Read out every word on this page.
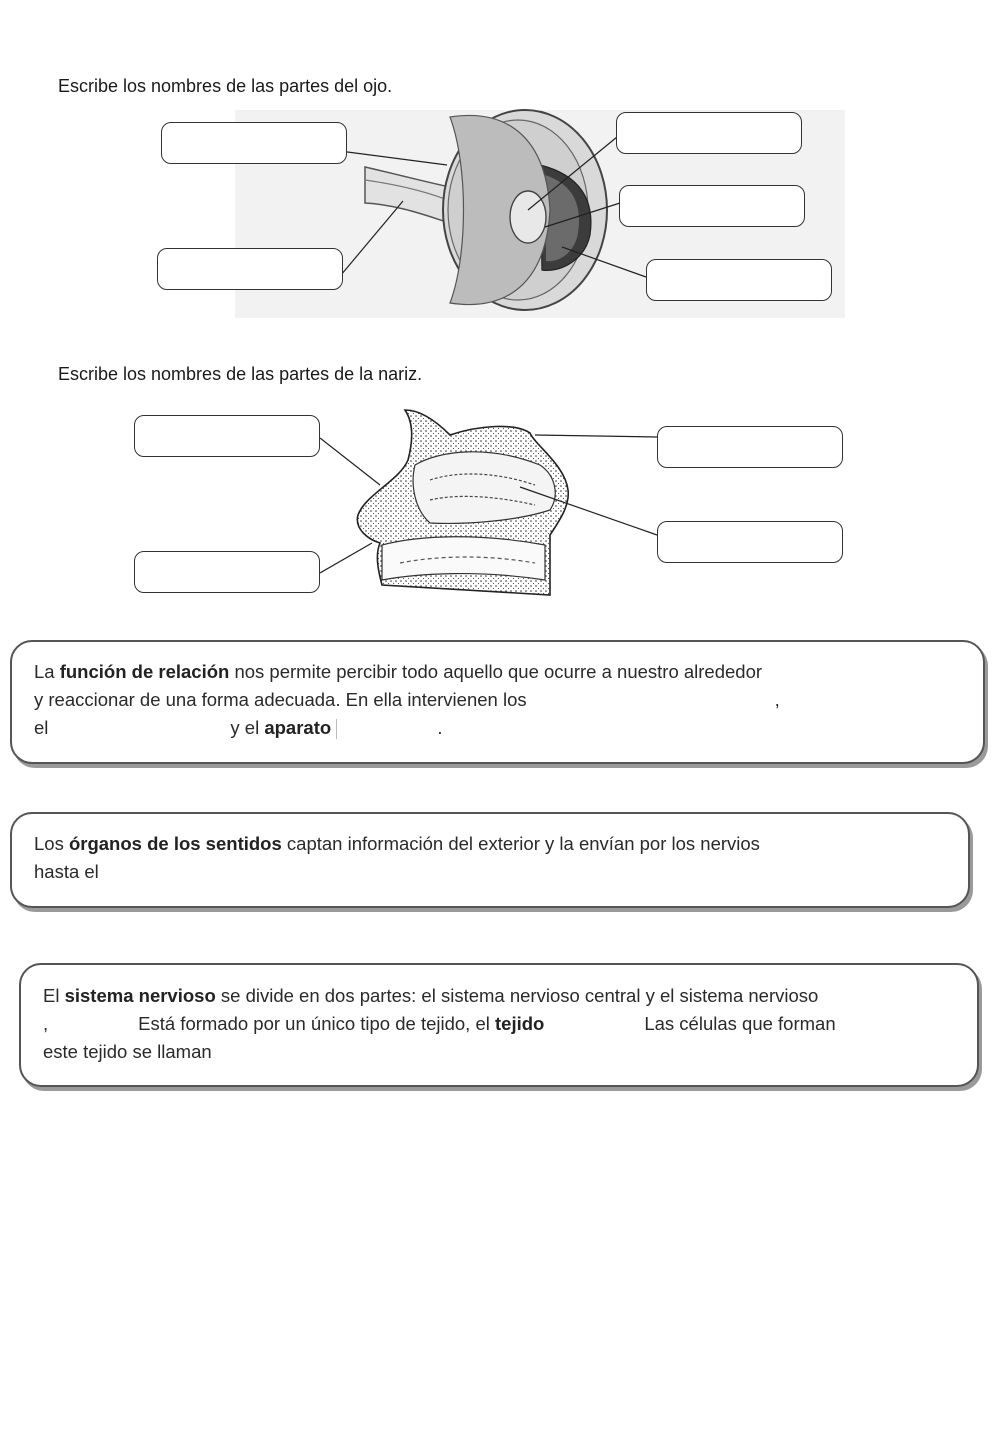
Escribe los nombres de las partes del ojo.
Escribe los nombres de las partes de la nariz.
La función de relación nos permite percibir todo aquello que ocurre a nuestro alrededor
y reaccionar de una forma adecuada. En ella intervienen los	,
el	y el aparato	.
Los órganos de los sentidos captan información del exterior y la envían por los nervios
hasta el
El sistema nervioso se divide en dos partes: el sistema nervioso central y el sistema nervioso
,	Está formado por un único tipo de tejido, el tejido	Las células que forman
este tejido se llaman
